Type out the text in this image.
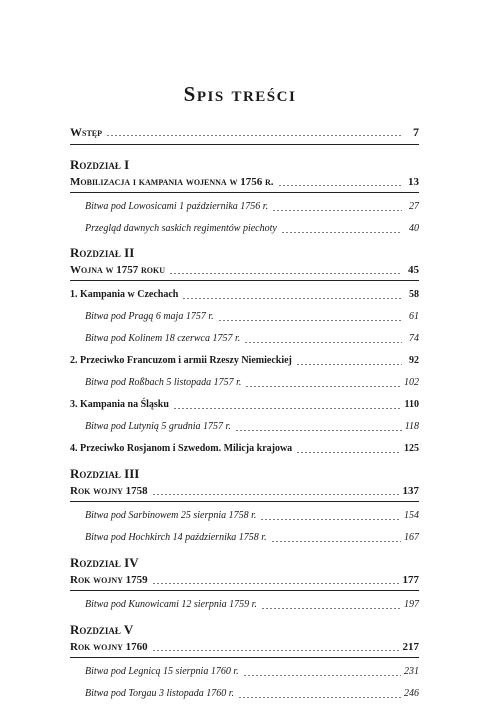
Spis treści
Wstęp	7
Rozdział I
Mobilizacja i kampania wojenna w 1756 r.	13
Bitwa pod Lowosicami 1 października 1756 r.	27
Przegląd dawnych saskich regimentów piechoty	40
Rozdział II
Wojna w 1757 roku	45
1. Kampania w Czechach	58
Bitwa pod Pragą 6 maja 1757 r.	61
Bitwa pod Kolinem 18 czerwca 1757 r.	74
2. Przeciwko Francuzom i armii Rzeszy Niemieckiej	92
Bitwa pod Roßbach 5 listopada 1757 r.	102
3. Kampania na Śląsku	110
Bitwa pod Lutynią 5 grudnia 1757 r.	118
4. Przeciwko Rosjanom i Szwedom. Milicja krajowa	125
Rozdział III
Rok wojny 1758	137
Bitwa pod Sarbinowem 25 sierpnia 1758 r.	154
Bitwa pod Hochkirch 14 października 1758 r.	167
Rozdział IV
Rok wojny 1759	177
Bitwa pod Kunowicami 12 sierpnia 1759 r.	197
Rozdział V
Rok wojny 1760	217
Bitwa pod Legnicą 15 sierpnia 1760 r.	231
Bitwa pod Torgau 3 listopada 1760 r.	246
